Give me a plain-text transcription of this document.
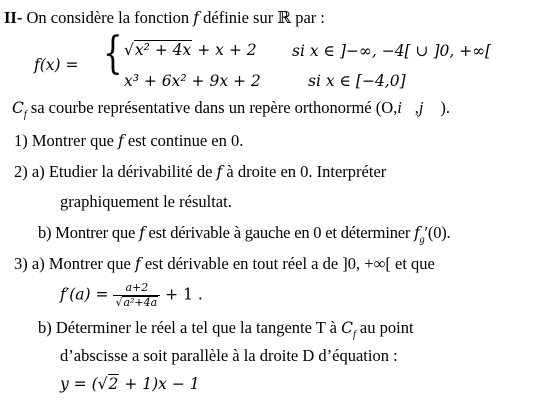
II- On considère la fonction f définie sur ℝ par :
f(x) = { √x² + 4x + x + 2 si x ∈ ]−∞, −4[ ∪ ]0, +∞[
x³ + 6x² + 9x + 2	si x ∈ [−4,0]
$C_f$ sa courbe représentative dans un repère orthonormé (O,i⃗,j⃗ ).
1) Montrer que f est continue en 0.
2) a) Etudier la dérivabilité de f à droite en 0. Interpréter
graphiquement le résultat.
b) Montrer que f est dérivable à gauche en 0 et déterminer $f_g'(0)$.
3) a) Montrer que f est dérivable en tout réel a de ]0, +∞[ et que
$f'(a) = \frac{a+2}{\text{√a²+4a}} + 1$ .
b) Déterminer le réel a tel que la tangente T à $C_f$ au point
d’abscisse a soit parallèle à la droite D d’équation :
y = (√2 + 1)x − 1
